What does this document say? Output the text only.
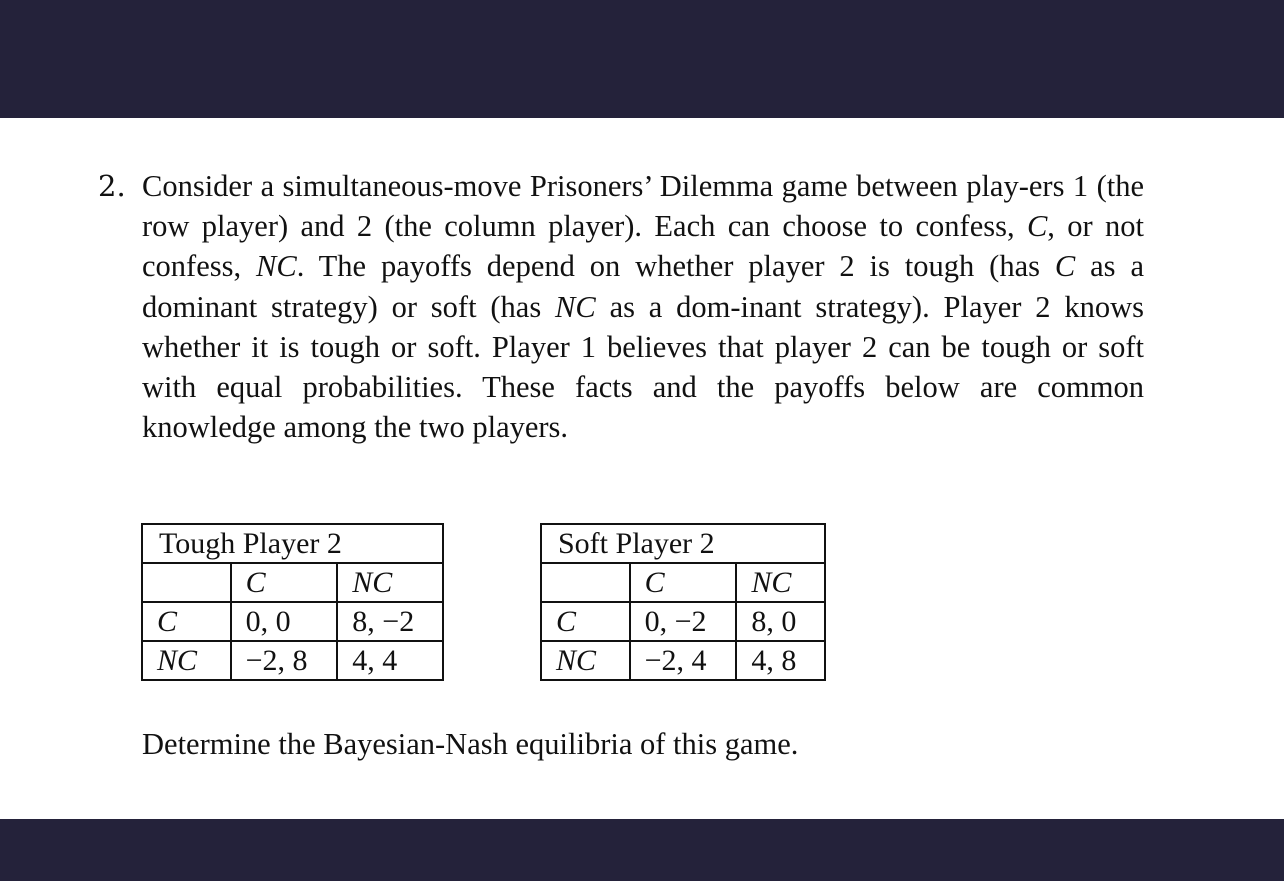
2. Consider a simultaneous-move Prisoners’ Dilemma game between play-ers 1 (the row player) and 2 (the column player). Each can choose to confess, C, or not confess, NC. The payoffs depend on whether player 2 is tough (has C as a dominant strategy) or soft (has NC as a dom-inant strategy). Player 2 knows whether it is tough or soft. Player 1 believes that player 2 can be tough or soft with equal probabilities. These facts and the payoffs below are common knowledge among the two players.
Tough Player 2		
	C	NC
C	0, 0	8, −2
NC	−2, 8	4, 4
Soft Player 2		
	C	NC
C	0, −2	8, 0
NC	−2, 4	4, 8
Determine the Bayesian-Nash equilibria of this game.
